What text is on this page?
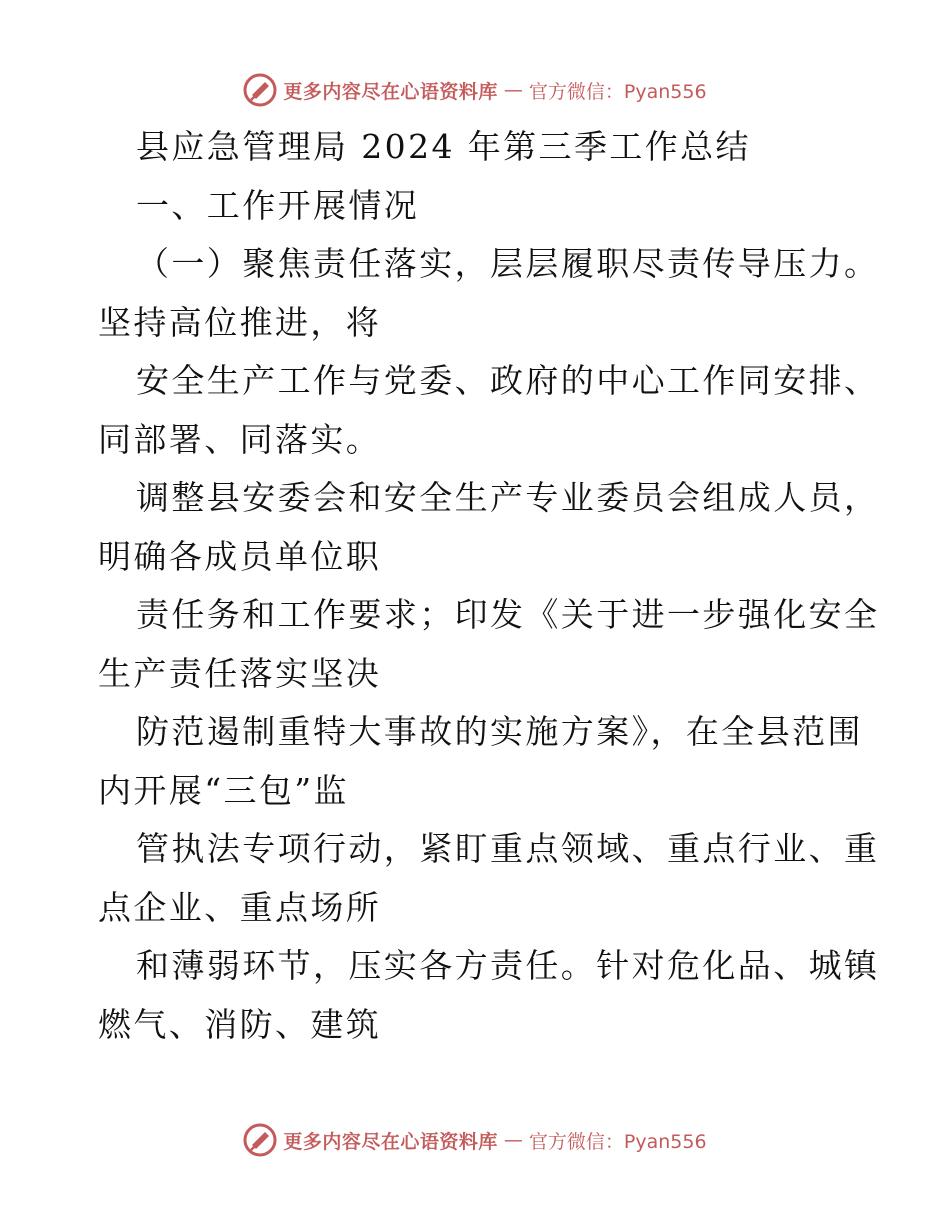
更多内容尽在心语资料库 — 官方微信：Pyan556
县应急管理局 2024 年第三季工作总结
一、工作开展情况
（一）聚焦责任落实，层层履职尽责传导压力。
坚持高位推进，将
安全生产工作与党委、政府的中心工作同安排、
同部署、同落实。
调整县安委会和安全生产专业委员会组成人员，
明确各成员单位职
责任务和工作要求；印发《关于进一步强化安全
生产责任落实坚决
防范遏制重特大事故的实施方案》，在全县范围
内开展“三包”监
管执法专项行动，紧盯重点领域、重点行业、重
点企业、重点场所
和薄弱环节，压实各方责任。针对危化品、城镇
燃气、消防、建筑
更多内容尽在心语资料库 — 官方微信：Pyan556
